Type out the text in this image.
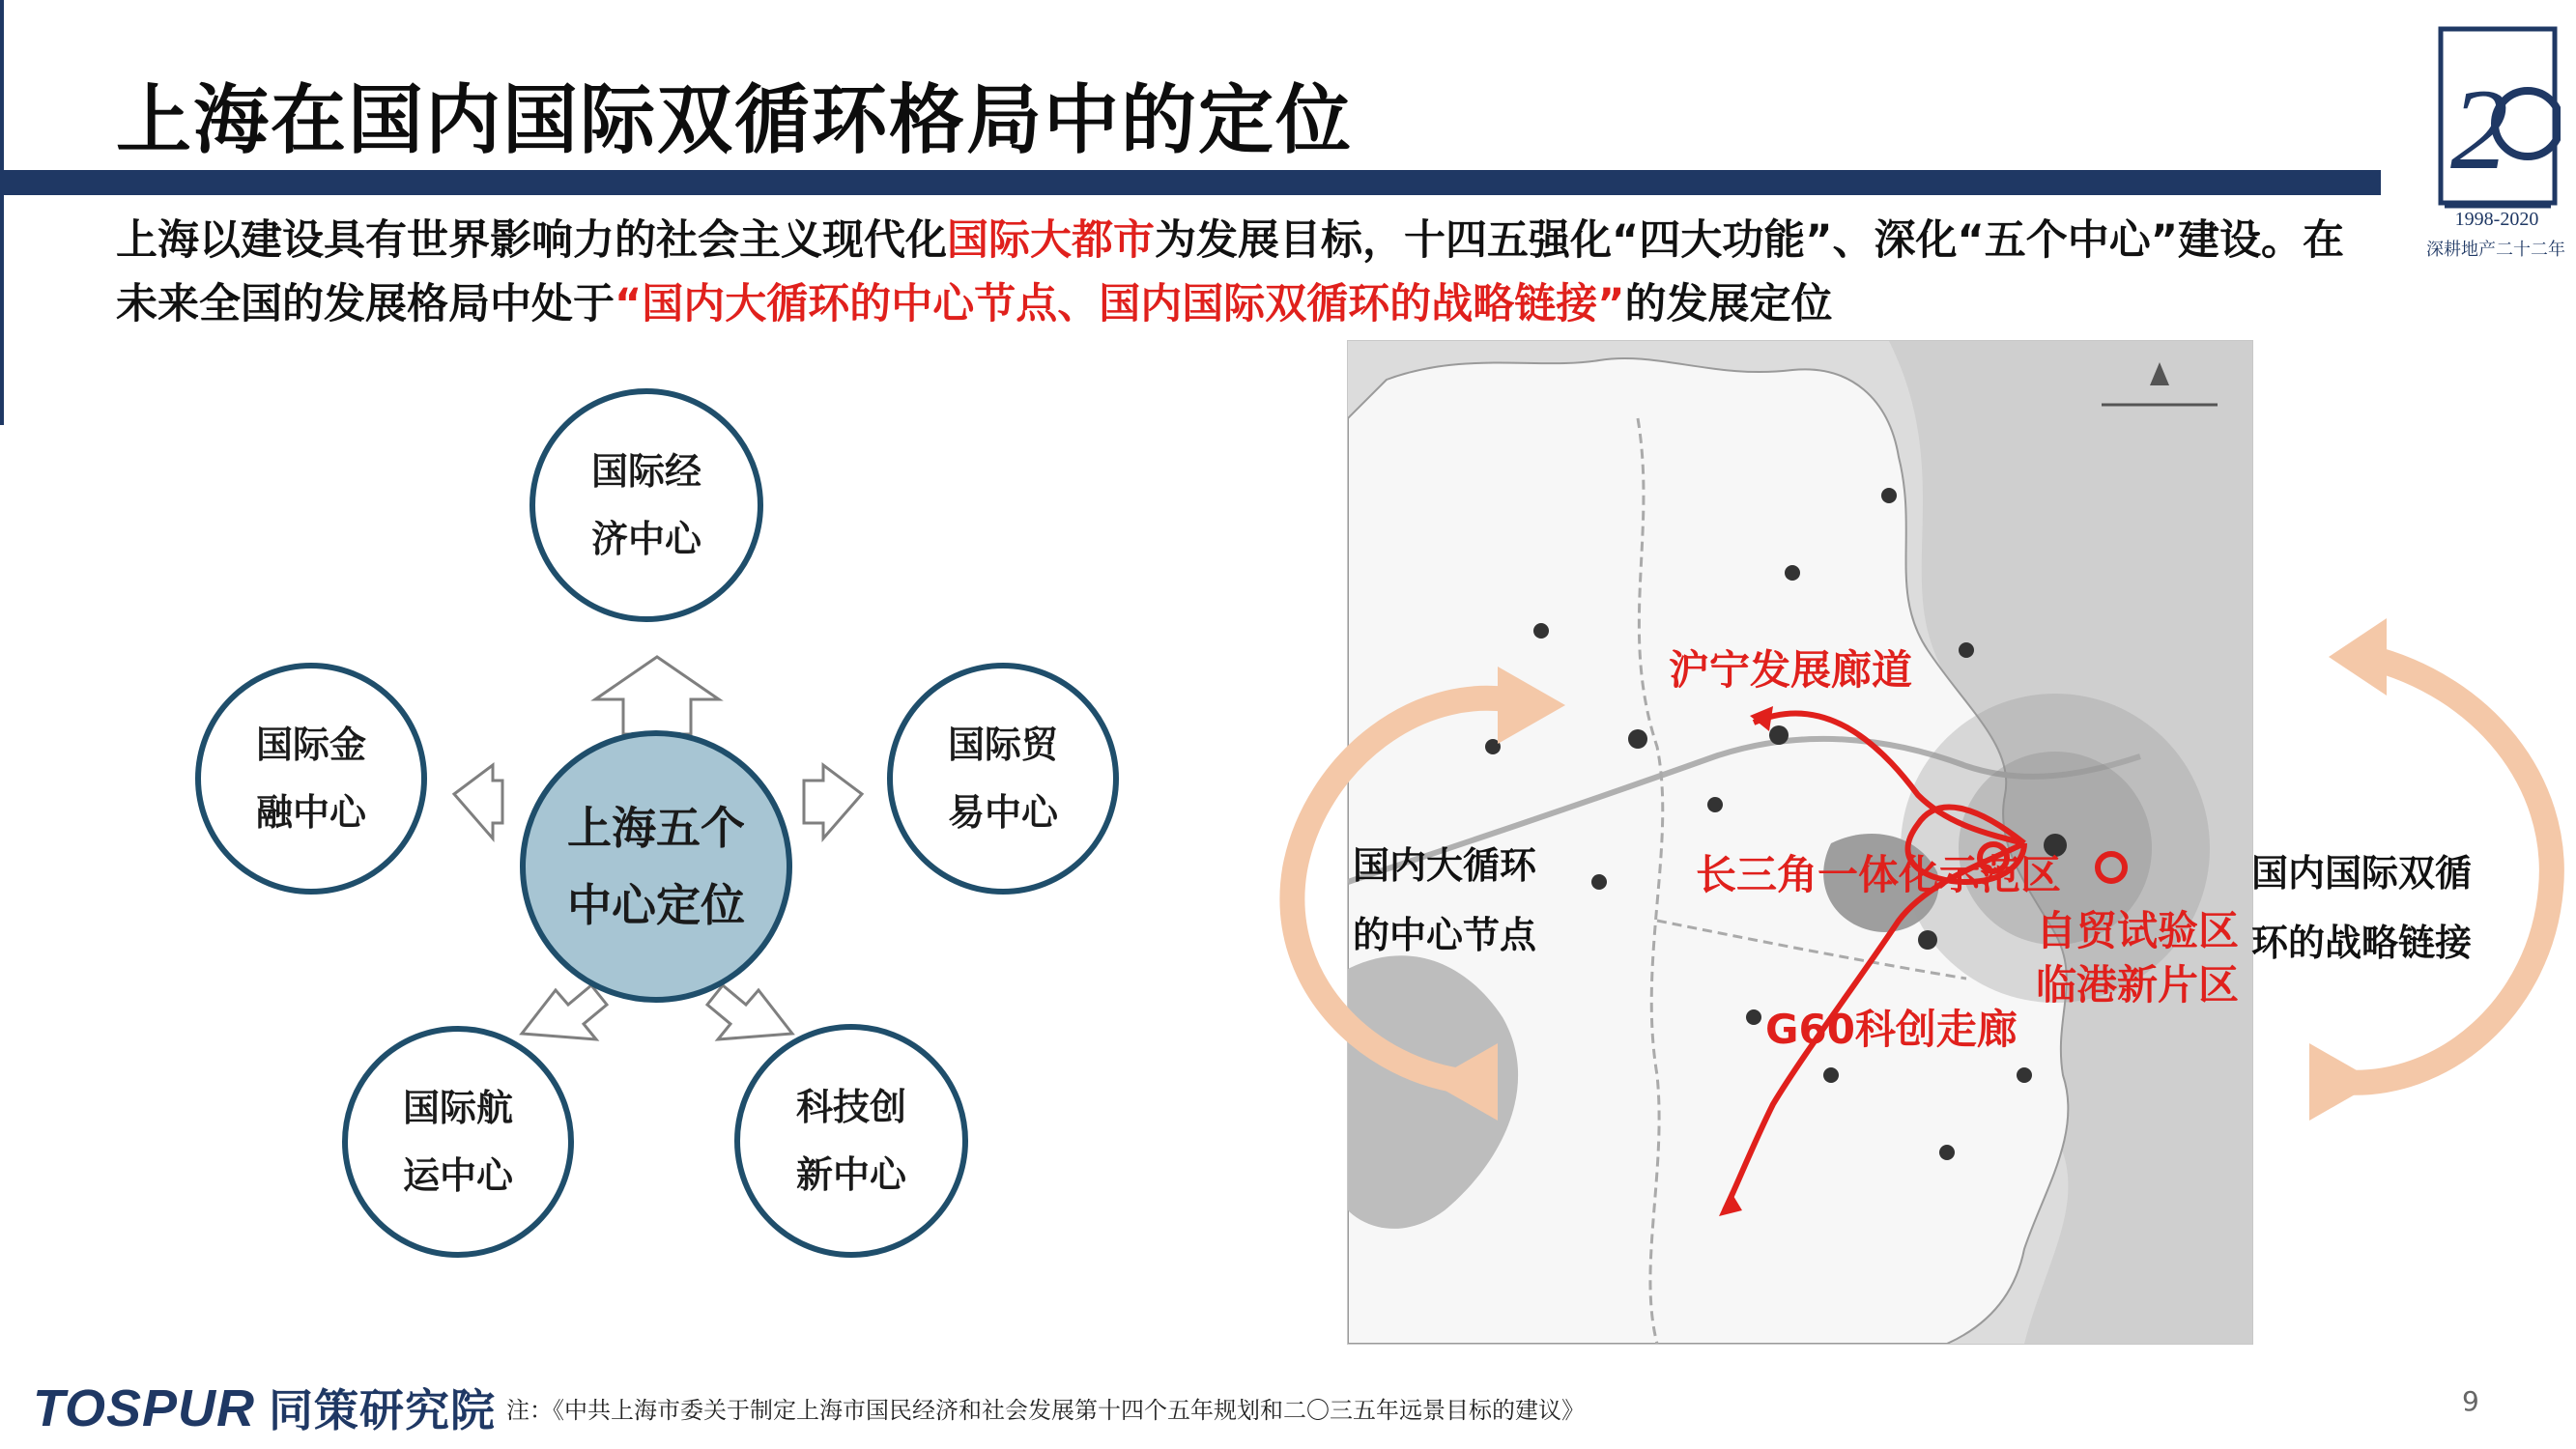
上海在国内国际双循环格局中的定位	2
1998-2020
深耕地产二十二年
上海以建设具有世界影响力的社会主义现代化国际大都市为发展目标，十四五强化“四大功能”、深化“五个中心”建设。在未来全国的发展格局中处于“国内大循环的中心节点、国内国际双循环的战略链接”的发展定位
国际经
济中心
国际贸
易中心
科技创
新中心
国际航
运中心
国际金
融中心	上海五个
中心定位
沪宁发展廊道
长三角一体化示范区
自贸试验区
临港新片区
G60科创走廊
国内大循环
的中心节点
国内国际双循
环的战略链接
TOSPUR 同策研究院 注：《中共上海市委关于制定上海市国民经济和社会发展第十四个五年规划和二〇三五年远景目标的建议》	9
